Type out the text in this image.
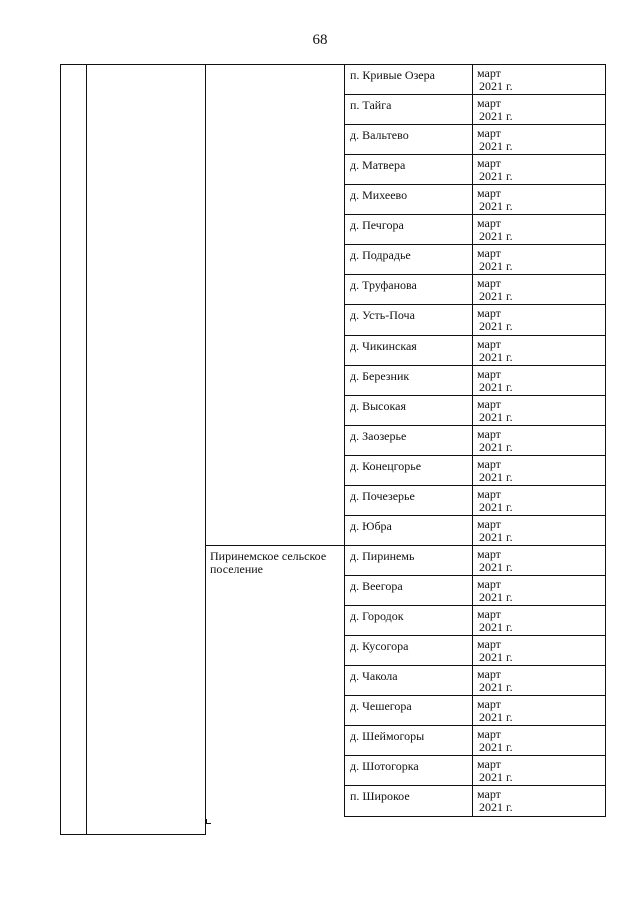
68
п. Кривые Озера	март
2021 г.
п. Тайга	март
2021 г.
д. Вальтево	март
2021 г.
д. Матвера	март
2021 г.
д. Михеево	март
2021 г.
д. Печгора	март
2021 г.
д. Подрадье	март
2021 г.
д. Труфанова	март
2021 г.
д. Усть-Поча	март
2021 г.
д. Чикинская	март
2021 г.
д. Березник	март
2021 г.
д. Высокая	март
2021 г.
д. Заозерье	март
2021 г.
д. Конецгорье	март
2021 г.
д. Почезерье	март
2021 г.
д. Юбра	март
2021 г.
Пиринемское сельское поселение
д. Пиринемь	март
2021 г.
д. Веегора	март
2021 г.
д. Городок	март
2021 г.
д. Кусогора	март
2021 г.
д. Чакола	март
2021 г.
д. Чешегора	март
2021 г.
д. Шеймогоры	март
2021 г.
д. Шотогорка	март
2021 г.
п. Широкое	март
2021 г.
